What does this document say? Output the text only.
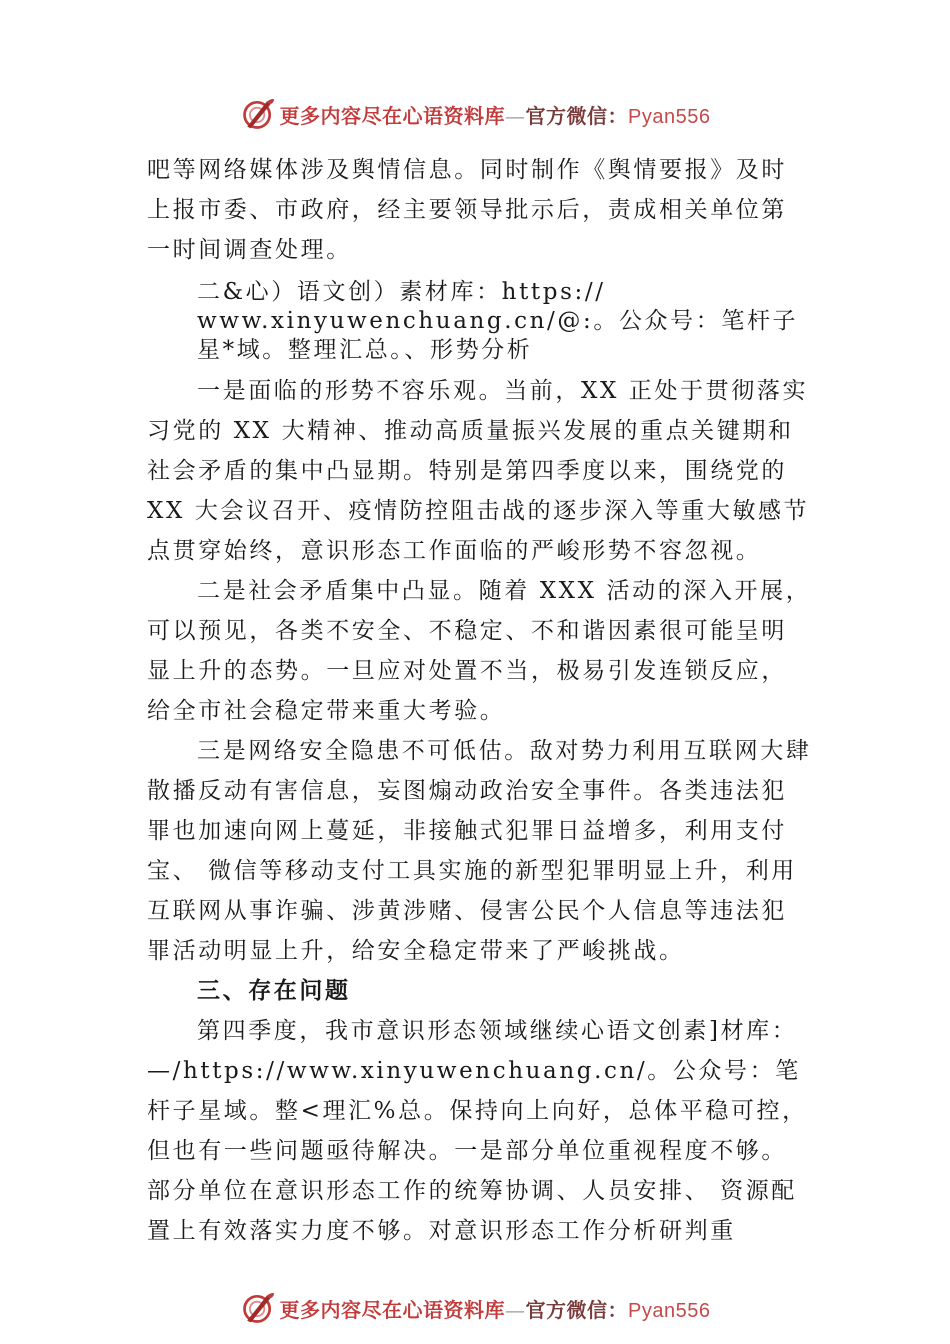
更多内容尽在心语资料库—官方微信：Pyan556

吧等网络媒体涉及舆情信息。同时制作《舆情要报》及时上报市委、市政府，经主要领导批示后，责成相关单位第一时间调查处理。

二&心）语文创）素材库：https:// www.xinyuwenchuang.cn/@:。公众号：笔杆子星*域。整理汇总。、形势分析

一是面临的形势不容乐观。当前，XX 正处于贯彻落实习党的 XX 大精神、推动高质量振兴发展的重点关键期和社会矛盾的集中凸显期。特别是第四季度以来，围绕党的 XX 大会议召开、疫情防控阻击战的逐步深入等重大敏感节点贯穿始终，意识形态工作面临的严峻形势不容忽视。

二是社会矛盾集中凸显。随着 XXX 活动的深入开展，可以预见，各类不安全、不稳定、不和谐因素很可能呈明显上升的态势。一旦应对处置不当，极易引发连锁反应，给全市社会稳定带来重大考验。

三是网络安全隐患不可低估。敌对势力利用互联网大肆散播反动有害信息，妄图煽动政治安全事件。各类违法犯罪也加速向网上蔓延，非接触式犯罪日益增多，利用支付宝、 微信等移动支付工具实施的新型犯罪明显上升，利用互联网从事诈骗、涉黄涉赌、侵害公民个人信息等违法犯罪活动明显上升，给安全稳定带来了严峻挑战。

三、存在问题

第四季度，我市意识形态领域继续心语文创素]材库：—/https://www.xinyuwenchuang.cn/。公众号：笔杆子星域。整<理汇%总。保持向上向好，总体平稳可控，但也有一些问题亟待解决。一是部分单位重视程度不够。部分单位在意识形态工作的统筹协调、人员安排、 资源配置上有效落实力度不够。对意识形态工作分析研判重

更多内容尽在心语资料库—官方微信：Pyan556
